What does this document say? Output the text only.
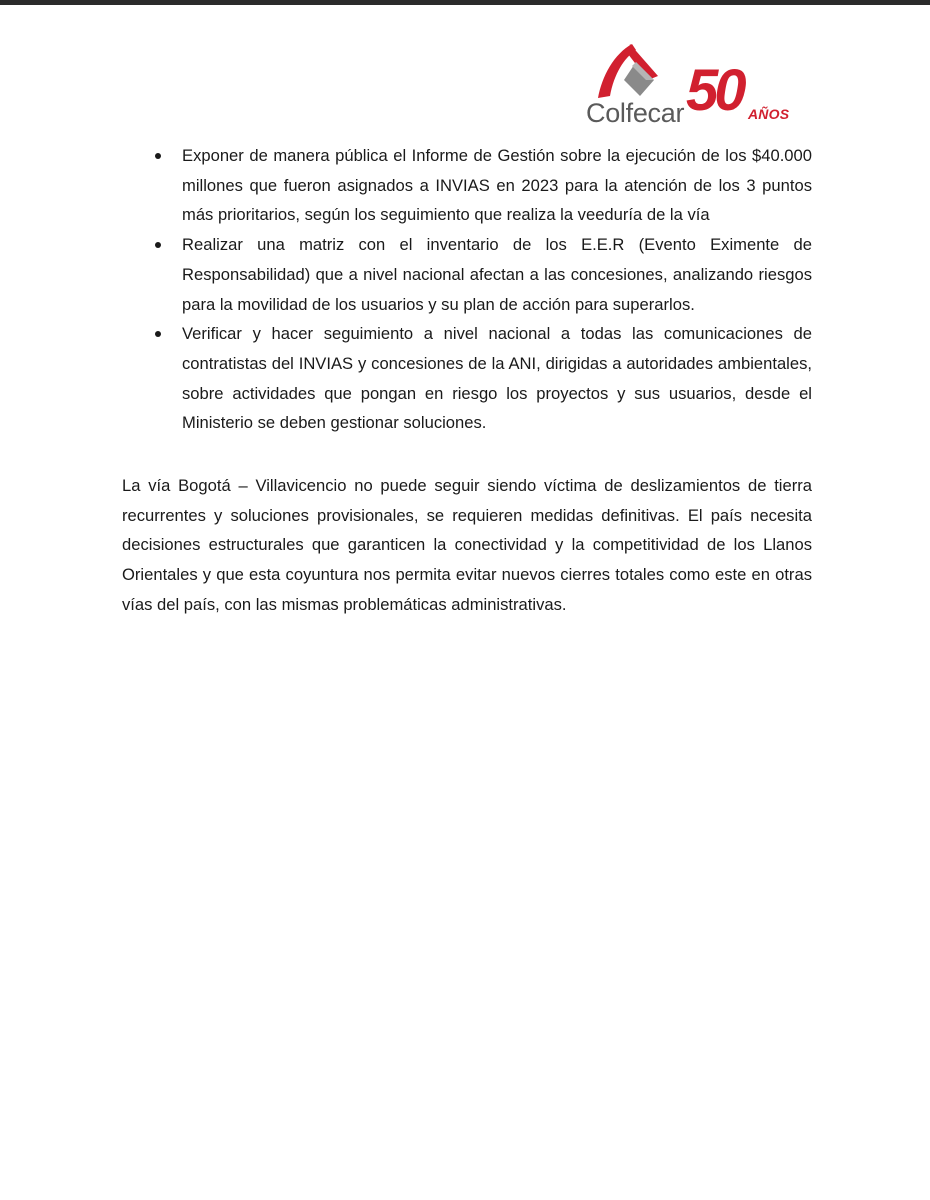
Colfecar 50 AÑOS
Exponer de manera pública el Informe de Gestión sobre la ejecución de los $40.000 millones que fueron asignados a INVIAS en 2023 para la atención de los 3 puntos más prioritarios, según los seguimiento que realiza la veeduría de la vía
Realizar una matriz con el inventario de los E.E.R (Evento Eximente de Responsabilidad) que a nivel nacional afectan a las concesiones, analizando riesgos para la movilidad de los usuarios y su plan de acción para superarlos.
Verificar y hacer seguimiento a nivel nacional a todas las comunicaciones de contratistas del INVIAS y concesiones de la ANI, dirigidas a autoridades ambientales, sobre actividades que pongan en riesgo los proyectos y sus usuarios, desde el Ministerio se deben gestionar soluciones.

La vía Bogotá – Villavicencio no puede seguir siendo víctima de deslizamientos de tierra recurrentes y soluciones provisionales, se requieren medidas definitivas. El país necesita decisiones estructurales que garanticen la conectividad y la competitividad de los Llanos Orientales y que esta coyuntura nos permita evitar nuevos cierres totales como este en otras vías del país, con las mismas problemáticas administrativas.
